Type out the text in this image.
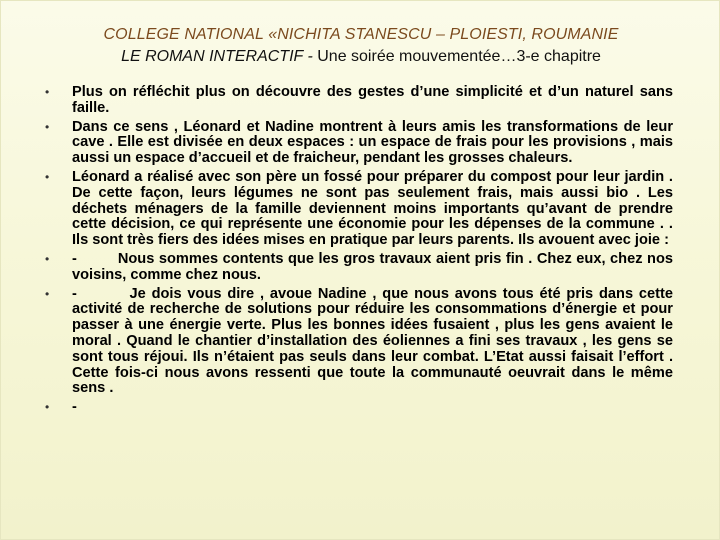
COLLEGE NATIONAL «NICHITA STANESCU – PLOIESTI, ROUMANIE
LE ROMAN INTERACTIF - Une soirée mouvementée…3-e chapitre
• Plus on réfléchit plus on découvre des gestes d’une simplicité et d’un naturel sans faille.
• Dans ce sens , Léonard et Nadine montrent à leurs amis les transformations de leur cave . Elle est divisée en deux espaces : un espace de frais pour les provisions , mais aussi un espace d’accueil et de fraicheur, pendant les grosses chaleurs.
• Léonard a réalisé avec son père un fossé pour préparer du compost pour leur jardin . De cette façon, leurs légumes ne sont pas seulement frais, mais aussi bio . Les déchets ménagers de la famille deviennent moins importants qu’avant de prendre cette décision, ce qui représente une économie pour les dépenses de la commune . . Ils sont très fiers des idées mises en pratique par leurs parents. Ils avouent avec joie :
• -         Nous sommes contents que les gros travaux aient pris fin . Chez eux, chez nos voisins, comme chez nous.
• -         Je dois vous dire , avoue Nadine , que nous avons tous été pris dans cette activité de recherche de solutions pour réduire les consommations d’énergie et pour passer à une énergie verte. Plus les bonnes idées fusaient , plus les gens avaient le moral . Quand le chantier d’installation des éoliennes a fini ses travaux , les gens se sont tous réjoui. Ils n’étaient pas seuls dans leur combat. L’Etat aussi faisait l’effort . Cette fois-ci nous avons ressenti que toute la communauté oeuvrait dans le même sens .
• -
